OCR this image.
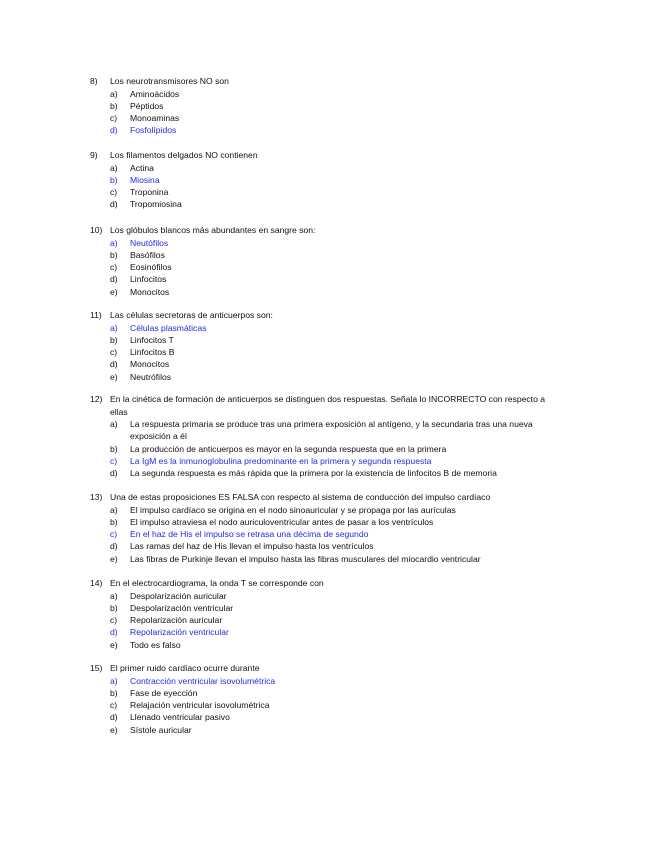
8)	Los neurotransmisores NO son
a)	Aminoácidos
b)	Péptidos
c)	Monoaminas
d)	Fosfolípidos
9)	Los filamentos delgados NO contienen
a)	Actina
b)	Miosina
c)	Troponina
d)	Tropomiosina
10) Los glóbulos blancos más abundantes en sangre son:
a)	Neutófilos
b)	Basófilos
c)	Eosinófilos
d)	Linfocitos
e)	Monocitos
11) Las células secretoras de anticuerpos son:
a)	Células plasmáticas
b)	Linfocitos T
c)	Linfocitos B
d)	Monocitos
e)	Neutrófilos
12) En la cinética de formación de anticuerpos se distinguen dos respuestas. Señala lo INCORRECTO con respecto a ellas
a)	La respuesta primaria se produce tras una primera exposición al antígeno, y la secundaria tras una nueva exposición a él
b)	La producción de anticuerpos es mayor en la segunda respuesta que en la primera
c)	La IgM es la inmunoglobulina predominante en la primera y segunda respuesta
d)	La segunda respuesta es más rápida que la primera por la existencia de linfocitos B de memoria
13) Una de estas proposiciones ES FALSA con respecto al sistema de conducción del impulso cardíaco
a)	El impulso cardíaco se origina en el nodo sinoauricular y se propaga por las aurículas
b)	El impulso atraviesa el nodo auriculoventricular antes de pasar a los ventrículos
c)	En el haz de His el impulso se retrasa una décima de segundo
d)	Las ramas del haz de His llevan el impulso hasta los ventrículos
e)	Las fibras de Purkinje llevan el impulso hasta las fibras musculares del miocardio ventricular
14) En el electrocardiograma, la onda T se corresponde con
a)	Despolarización auricular
b)	Despolarización ventricular
c)	Repolarización auricular
d)	Repolarización ventricular
e)	Todo es falso
15) El primer ruido cardíaco ocurre durante
a)	Contracción ventricular isovolumétrica
b)	Fase de eyección
c)	Relajación ventricular isovolumétrica
d)	Llenado ventricular pasivo
e)	Sístole auricular
